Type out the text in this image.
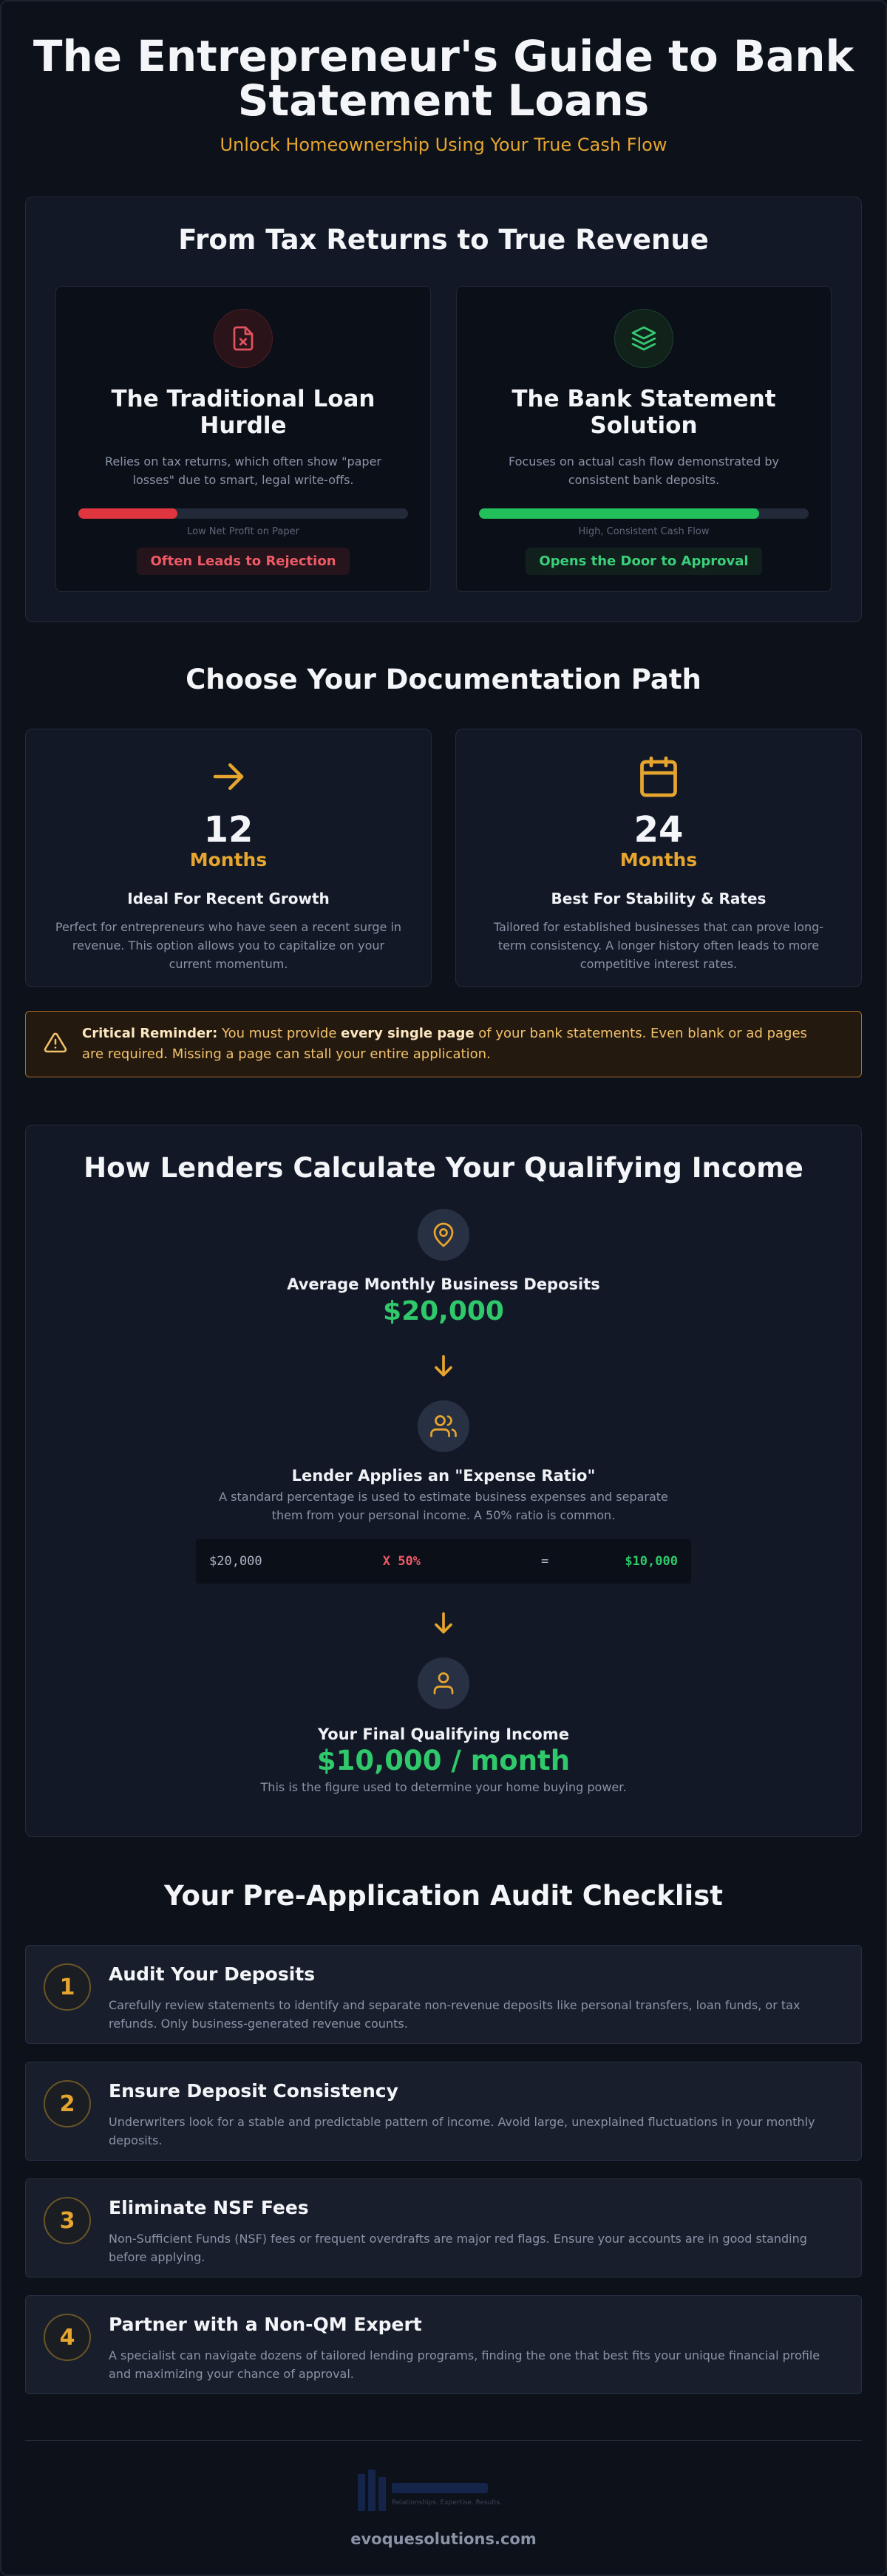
The Entrepreneur's Guide to Bank Statement Loans
Unlock Homeownership Using Your True Cash Flow
From Tax Returns to True Revenue
The Traditional Loan Hurdle

Relies on tax returns, which often show "paper losses" due to smart, legal write-offs.

Low Net Profit on Paper
Often Leads to Rejection
The Bank Statement Solution

Focuses on actual cash flow demonstrated by consistent bank deposits.

High, Consistent Cash Flow
Opens the Door to Approval
Choose Your Documentation Path
12
Months
Ideal For Recent Growth

Perfect for entrepreneurs who have seen a recent surge in revenue. This option allows you to capitalize on your current momentum.

24
Months
Best For Stability & Rates

Tailored for established businesses that can prove long-term consistency. A longer history often leads to more competitive interest rates.

Critical Reminder: You must provide every single page of your bank statements. Even blank or ad pages are required. Missing a page can stall your entire application.
How Lenders Calculate Your Qualifying Income
Average Monthly Business Deposits
$20,000
Lender Applies an "Expense Ratio"
A standard percentage is used to estimate business expenses and separate them from your personal income. A 50% ratio is common.
$20,000	X 50%	=	$10,000
Your Final Qualifying Income
$10,000 / month
This is the figure used to determine your home buying power.
Your Pre-Application Audit Checklist
1	Audit Your Deposits

Carefully review statements to identify and separate non-revenue deposits like personal transfers, loan funds, or tax refunds. Only business-generated revenue counts.

2	Ensure Deposit Consistency

Underwriters look for a stable and predictable pattern of income. Avoid large, unexplained fluctuations in your monthly deposits.

3	Eliminate NSF Fees

Non-Sufficient Funds (NSF) fees or frequent overdrafts are major red flags. Ensure your accounts are in good standing before applying.

4	Partner with a Non-QM Expert

A specialist can navigate dozens of tailored lending programs, finding the one that best fits your unique financial profile and maximizing your chance of approval.

Relationships. Expertise. Results.
evoquesolutions.com
